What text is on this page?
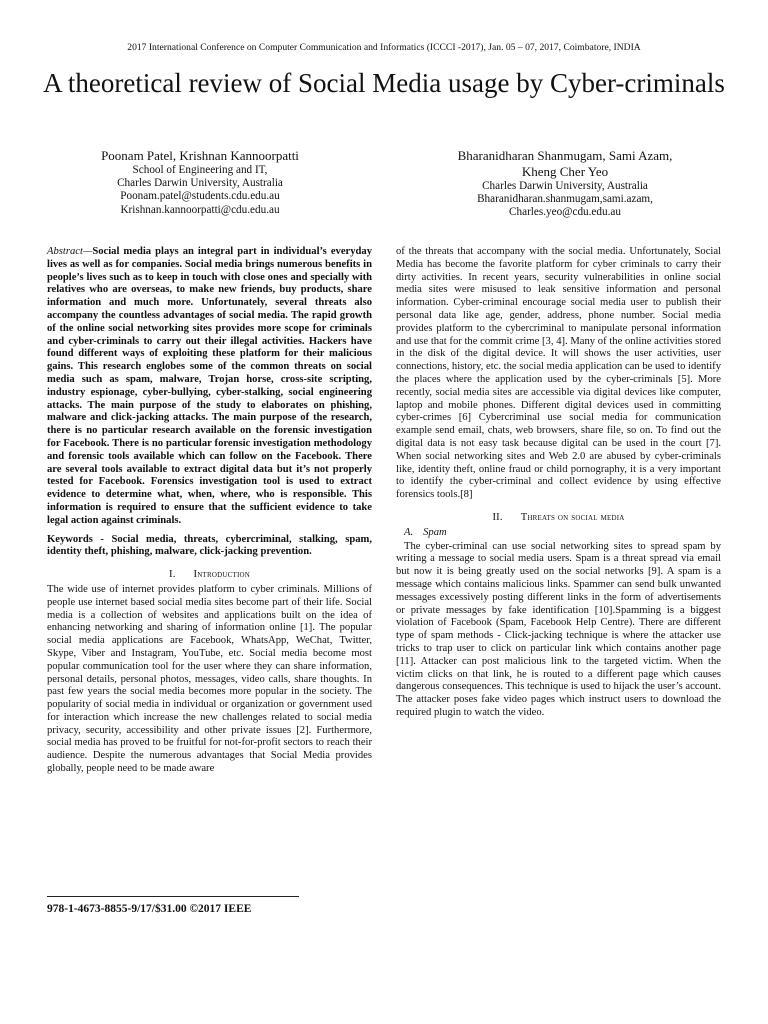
2017 International Conference on Computer Communication and Informatics (ICCCI -2017), Jan. 05 – 07, 2017, Coimbatore, INDIA
A theoretical review of Social Media usage by Cyber-criminals
Poonam Patel, Krishnan Kannoorpatti
School of Engineering and IT,
Charles Darwin University, Australia
Poonam.patel@students.cdu.edu.au
Krishnan.kannoorpatti@cdu.edu.au
Bharanidharan Shanmugam, Sami Azam,
Kheng Cher Yeo
Charles Darwin University, Australia
Bharanidharan.shanmugam,sami.azam,
Charles.yeo@cdu.edu.au

Abstract—Social media plays an integral part in individual’s everyday lives as well as for companies. Social media brings numerous benefits in people’s lives such as to keep in touch with close ones and specially with relatives who are overseas, to make new friends, buy products, share information and much more. Unfortunately, several threats also accompany the countless advantages of social media. The rapid growth of the online social networking sites provides more scope for criminals and cyber-criminals to carry out their illegal activities. Hackers have found different ways of exploiting these platform for their malicious gains. This research englobes some of the common threats on social media such as spam, malware, Trojan horse, cross-site scripting, industry espionage, cyber-bullying, cyber-stalking, social engineering attacks. The main purpose of the study to elaborates on phishing, malware and click-jacking attacks. The main purpose of the research, there is no particular research available on the forensic investigation for Facebook. There is no particular forensic investigation methodology and forensic tools available which can follow on the Facebook. There are several tools available to extract digital data but it’s not properly tested for Facebook. Forensics investigation tool is used to extract evidence to determine what, when, where, who is responsible. This information is required to ensure that the sufficient evidence to take legal action against criminals.

Keywords - Social media, threats, cybercriminal, stalking, spam, identity theft, phishing, malware, click-jacking prevention.

I. Introduction

The wide use of internet provides platform to cyber criminals. Millions of people use internet based social media sites become part of their life. Social media is a collection of websites and applications built on the idea of enhancing networking and sharing of information online [1]. The popular social media applications are Facebook, WhatsApp, WeChat, Twitter, Skype, Viber and Instagram, YouTube, etc. Social media become most popular communication tool for the user where they can share information, personal details, personal photos, messages, video calls, share thoughts. In past few years the social media becomes more popular in the society. The popularity of social media in individual or organization or government used for interaction which increase the new challenges related to social media privacy, security, accessibility and other private issues [2]. Furthermore, social media has proved to be fruitful for not-for-profit sectors to reach their audience. Despite the numerous advantages that Social Media provides globally, people need to be made aware

of the threats that accompany with the social media. Unfortunately, Social Media has become the favorite platform for cyber criminals to carry their dirty activities. In recent years, security vulnerabilities in online social media sites were misused to leak sensitive information and personal information. Cyber-criminal encourage social media user to publish their personal data like age, gender, address, phone number. Social media provides platform to the cybercriminal to manipulate personal information and use that for the commit crime [3, 4]. Many of the online activities stored in the disk of the digital device. It will shows the user activities, user connections, history, etc. the social media application can be used to identify the places where the application used by the cyber-criminals [5]. More recently, social media sites are accessible via digital devices like computer, laptop and mobile phones. Different digital devices used in committing cyber-crimes [6] Cybercriminal use social media for communication example send email, chats, web browsers, share file, so on. To find out the digital data is not easy task because digital can be used in the court [7]. When social networking sites and Web 2.0 are abused by cyber-criminals like, identity theft, online fraud or child pornography, it is a very important to identify the cyber-criminal and collect evidence by using effective forensics tools.[8]

II. Threats on social media
A. Spam

The cyber-criminal can use social networking sites to spread spam by writing a message to social media users. Spam is a threat spread via email but now it is being greatly used on the social networks [9]. A spam is a message which contains malicious links. Spammer can send bulk unwanted messages excessively posting different links in the form of advertisements or private messages by fake identification [10].Spamming is a biggest violation of Facebook (Spam, Facebook Help Centre). There are different type of spam methods - Click-jacking technique is where the attacker use tricks to trap user to click on particular link which contains another page [11]. Attacker can post malicious link to the targeted victim. When the victim clicks on that link, he is routed to a different page which causes dangerous consequences. This technique is used to hijack the user’s account. The attacker poses fake video pages which instruct users to download the required plugin to watch the video.

978-1-4673-8855-9/17/$31.00 ©2017 IEEE
